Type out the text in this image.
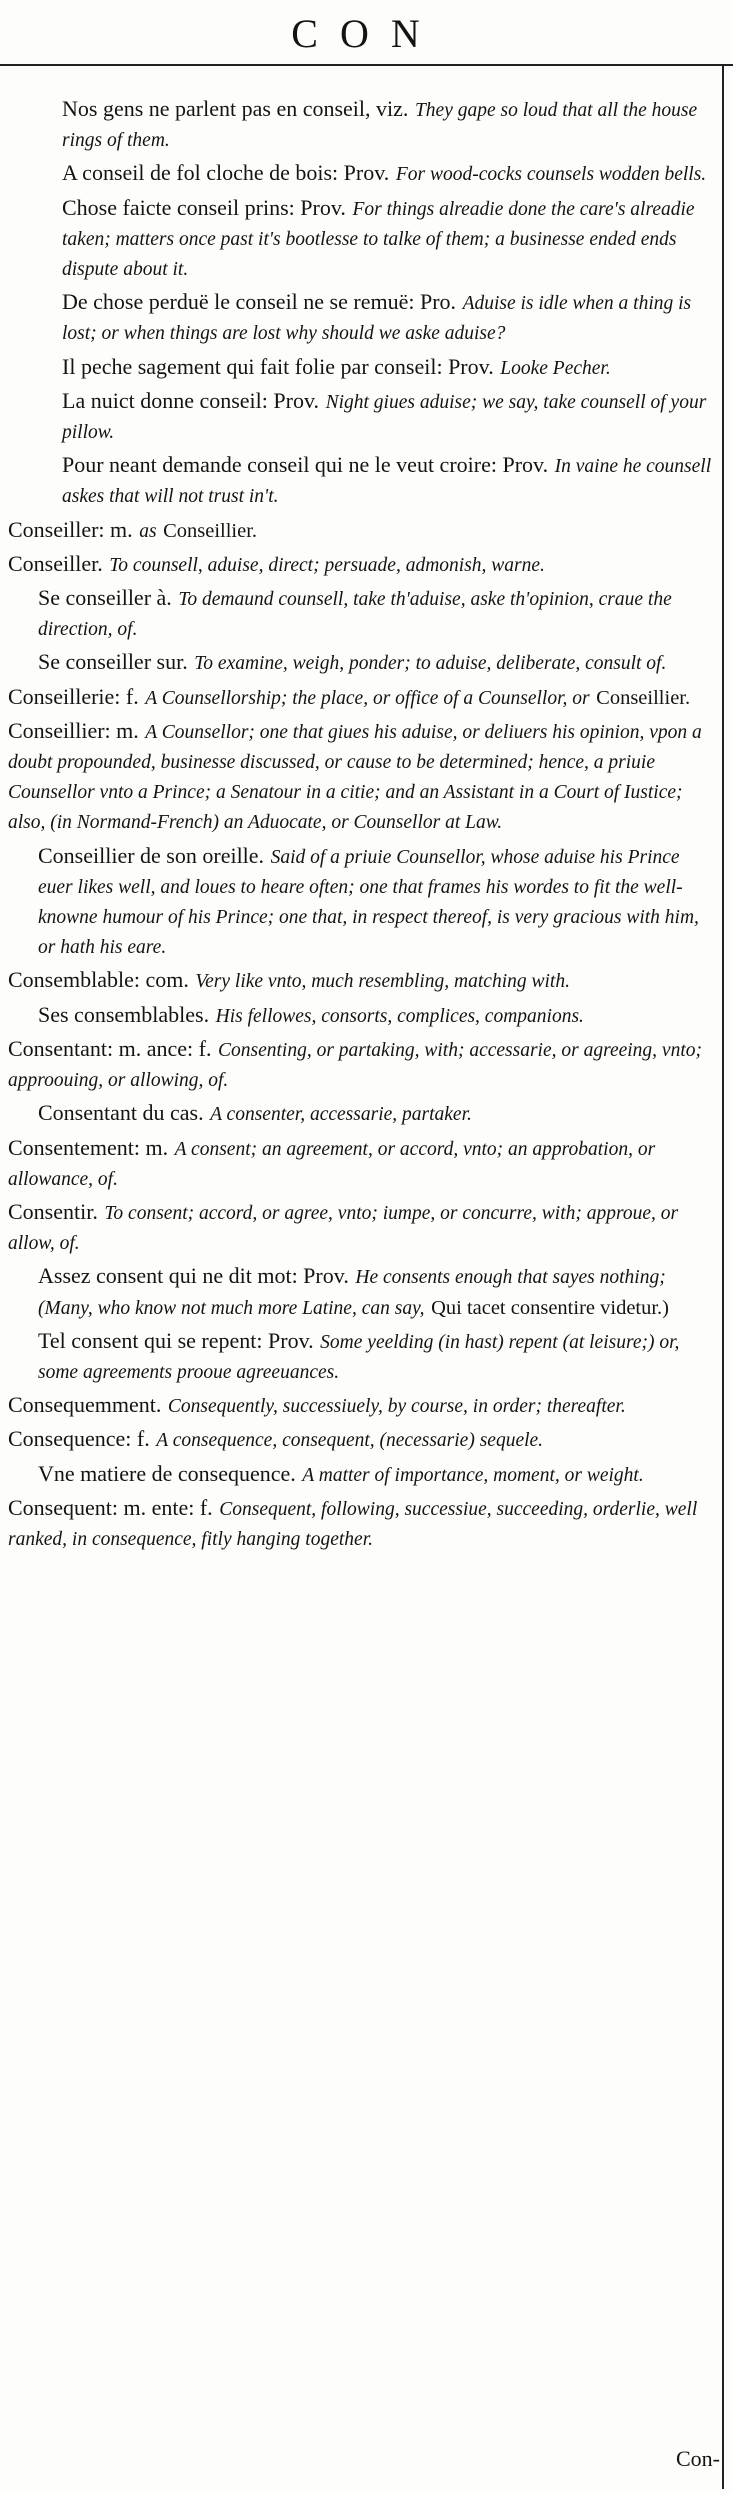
CON

Nos gens ne parlent pas en conseil, viz. They gape so loud that all the house rings of them.

A conseil de fol cloche de bois: Prov. For wood-cocks counsels wodden bells.

Chose faicte conseil prins: Prov. For things alreadie done the care's alreadie taken; matters once past it's bootlesse to talke of them; a businesse ended ends dispute about it.

De chose perduë le conseil ne se remuë: Pro. Aduise is idle when a thing is lost; or when things are lost why should we aske aduise?

Il peche sagement qui fait folie par conseil: Prov. Looke Pecher.

La nuict donne conseil: Prov. Night giues aduise; we say, take counsell of your pillow.

Pour neant demande conseil qui ne le veut croire: Prov. In vaine he counsell askes that will not trust in't.

Conseiller: m. as Conseillier.

Conseiller. To counsell, aduise, direct; persuade, admonish, warne.

Se conseiller à. To demaund counsell, take th'aduise, aske th'opinion, craue the direction, of.

Se conseiller sur. To examine, weigh, ponder; to aduise, deliberate, consult of.

Conseillerie: f. A Counsellorship; the place, or office of a Counsellor, or Conseillier.

Conseillier: m. A Counsellor; one that giues his aduise, or deliuers his opinion, vpon a doubt propounded, businesse discussed, or cause to be determined; hence, a priuie Counsellor vnto a Prince; a Senatour in a citie; and an Assistant in a Court of Iustice; also, (in Normand-French) an Aduocate, or Counsellor at Law.

Conseillier de son oreille. Said of a priuie Counsellor, whose aduise his Prince euer likes well, and loues to heare often; one that frames his wordes to fit the well-knowne humour of his Prince; one that, in respect thereof, is very gracious with him, or hath his eare.

Consemblable: com. Very like vnto, much resembling, matching with.

Ses consemblables. His fellowes, consorts, complices, companions.

Consentant: m. ance: f. Consenting, or partaking, with; accessarie, or agreeing, vnto; approouing, or allowing, of.

Consentant du cas. A consenter, accessarie, partaker.

Consentement: m. A consent; an agreement, or accord, vnto; an approbation, or allowance, of.

Consentir. To consent; accord, or agree, vnto; iumpe, or concurre, with; approue, or allow, of.

Assez consent qui ne dit mot: Prov. He consents enough that sayes nothing; (Many, who know not much more Latine, can say, Qui tacet consentire videtur.)

Tel consent qui se repent: Prov. Some yeelding (in hast) repent (at leisure;) or, some agreements prooue agreeuances.

Consequemment. Consequently, successiuely, by course, in order; thereafter.

Consequence: f. A consequence, consequent, (necessarie) sequele.

Vne matiere de consequence. A matter of importance, moment, or weight.

Consequent: m. ente: f. Consequent, following, successiue, succeeding, orderlie, well ranked, in consequence, fitly hanging together.

Con-
